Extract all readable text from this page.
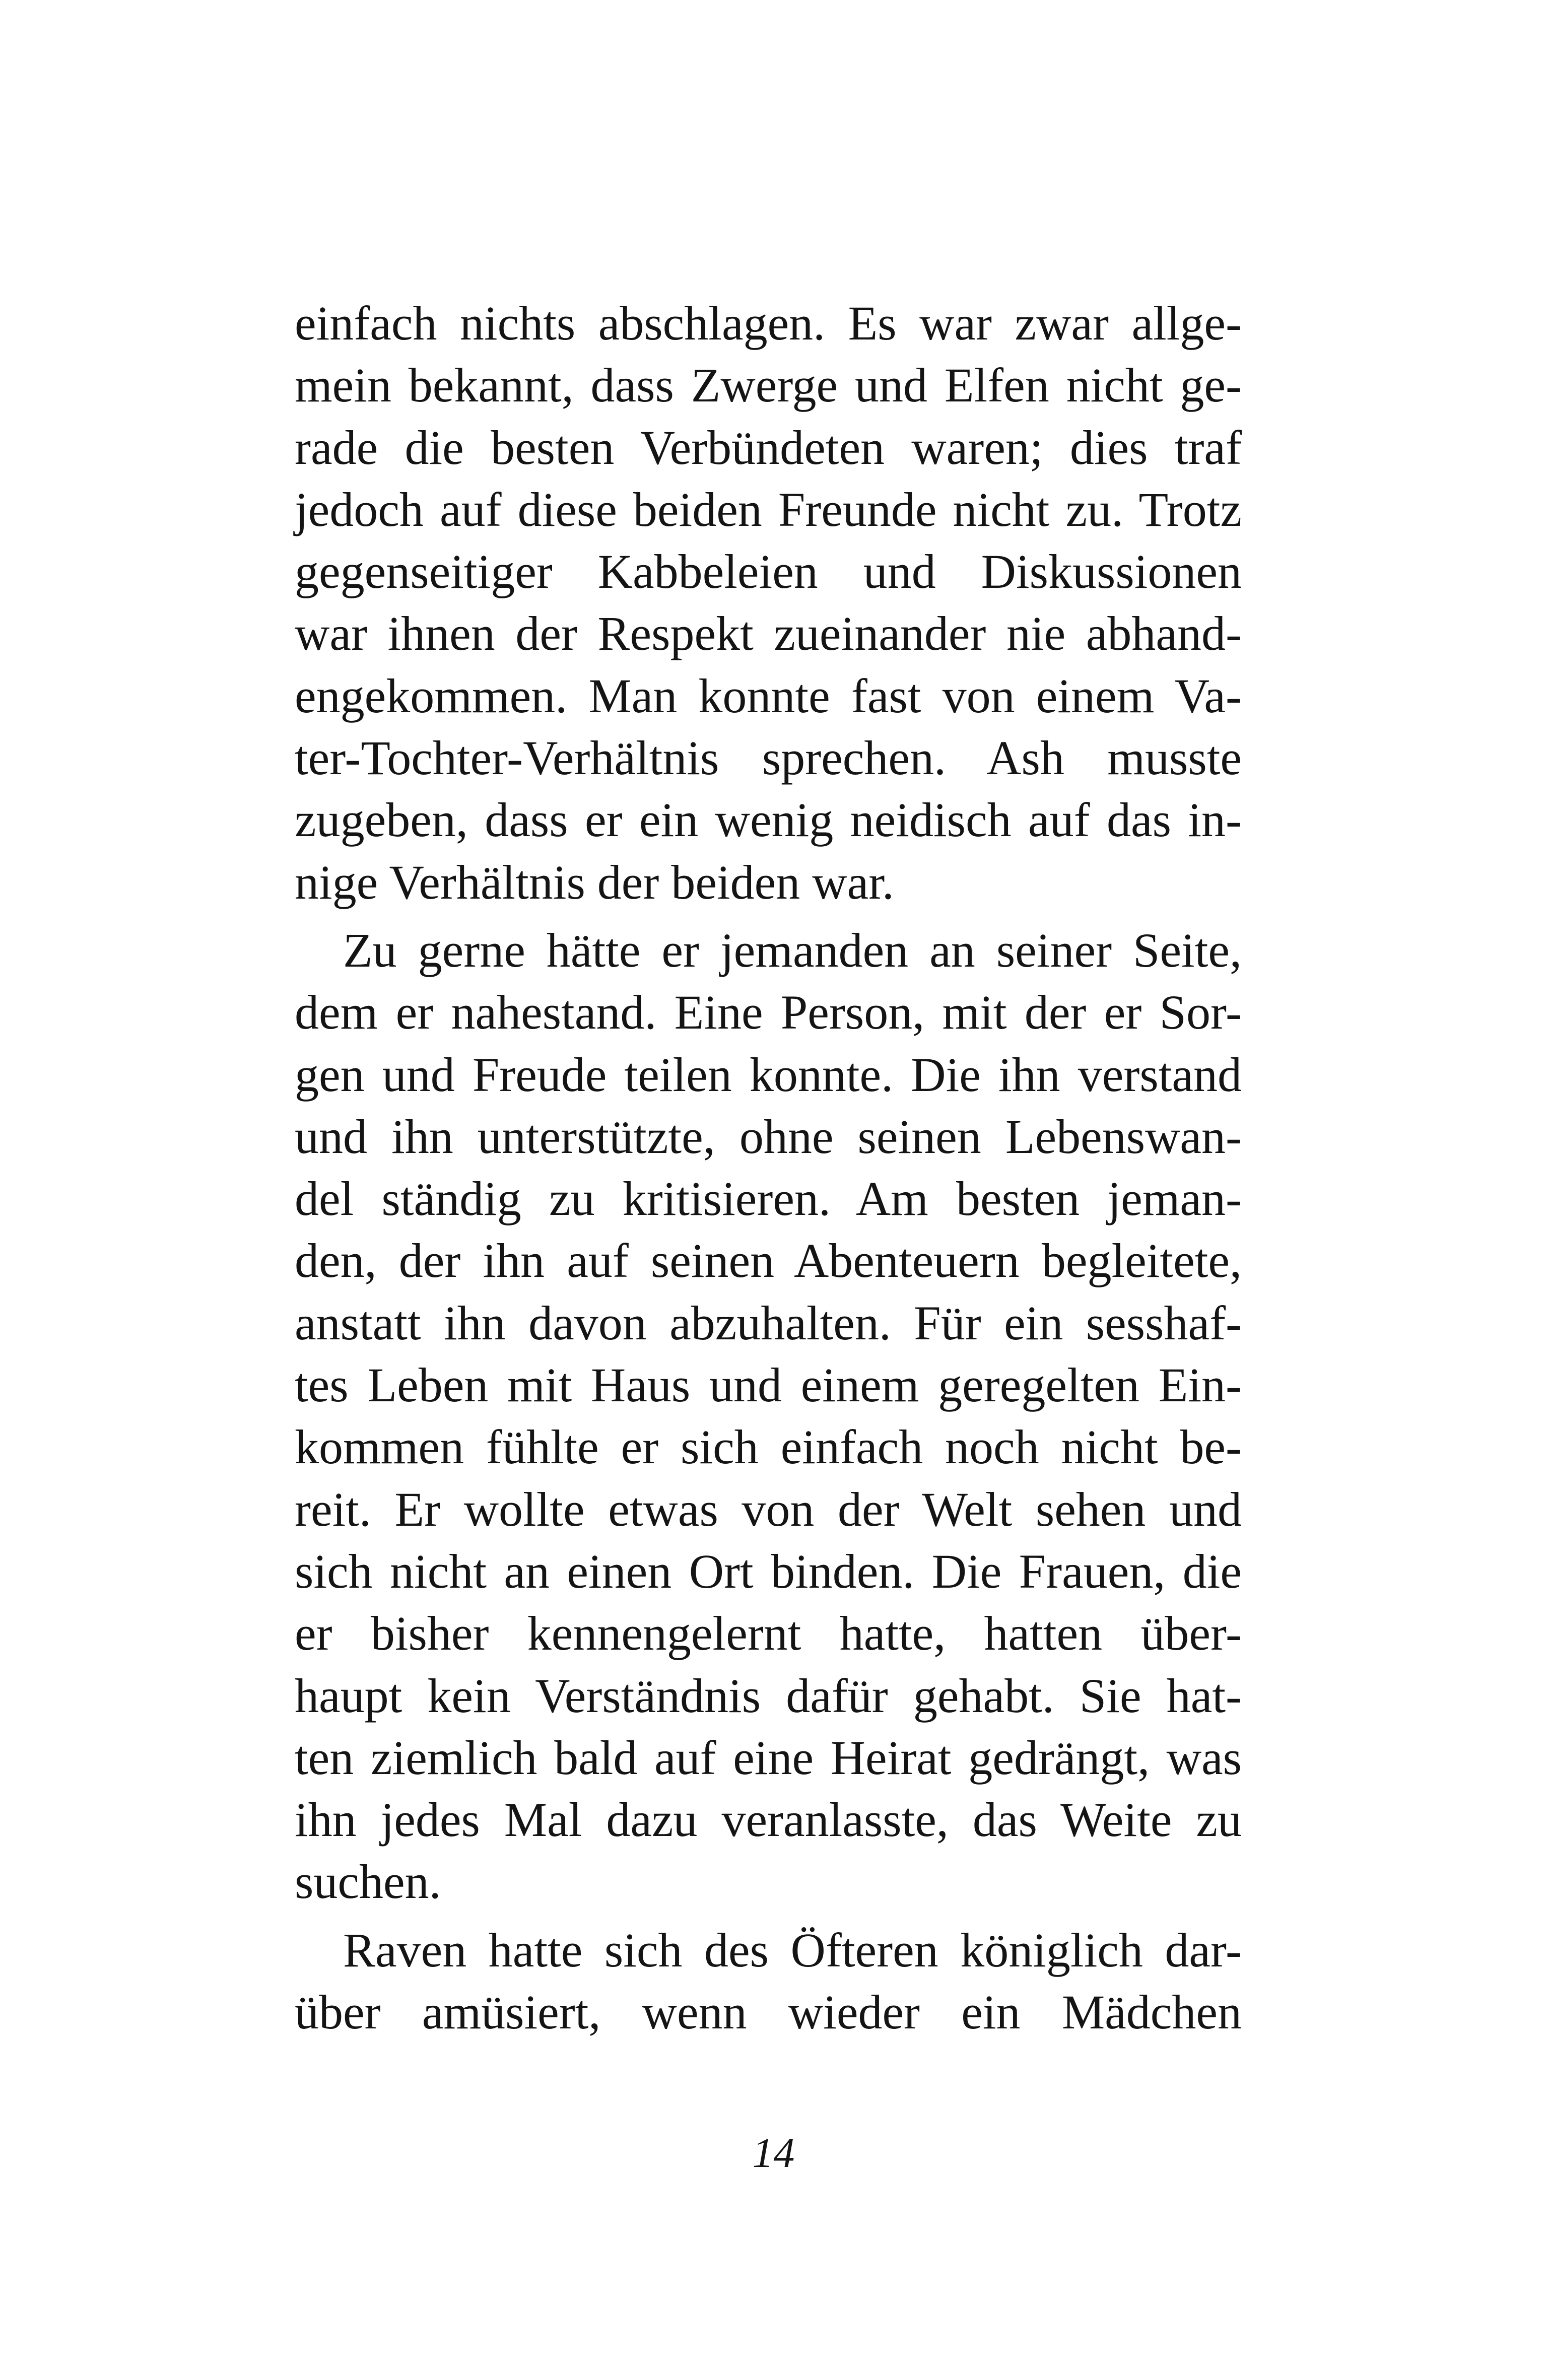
einfach nichts abschlagen. Es war zwar allge-
mein bekannt, dass Zwerge und Elfen nicht ge-
rade die besten Verbündeten waren; dies traf
jedoch auf diese beiden Freunde nicht zu. Trotz
gegenseitiger Kabbeleien und Diskussionen
war ihnen der Respekt zueinander nie abhand-
engekommen. Man konnte fast von einem Va-
ter-Tochter-Verhältnis sprechen. Ash musste
zugeben, dass er ein wenig neidisch auf das in-
nige Verhältnis der beiden war.
Zu gerne hätte er jemanden an seiner Seite,
dem er nahestand. Eine Person, mit der er Sor-
gen und Freude teilen konnte. Die ihn verstand
und ihn unterstützte, ohne seinen Lebenswan-
del ständig zu kritisieren. Am besten jeman-
den, der ihn auf seinen Abenteuern begleitete,
anstatt ihn davon abzuhalten. Für ein sesshaf-
tes Leben mit Haus und einem geregelten Ein-
kommen fühlte er sich einfach noch nicht be-
reit. Er wollte etwas von der Welt sehen und
sich nicht an einen Ort binden. Die Frauen, die
er bisher kennengelernt hatte, hatten über-
haupt kein Verständnis dafür gehabt. Sie hat-
ten ziemlich bald auf eine Heirat gedrängt, was
ihn jedes Mal dazu veranlasste, das Weite zu
suchen.
Raven hatte sich des Öfteren königlich dar-
über amüsiert, wenn wieder ein Mädchen
14
